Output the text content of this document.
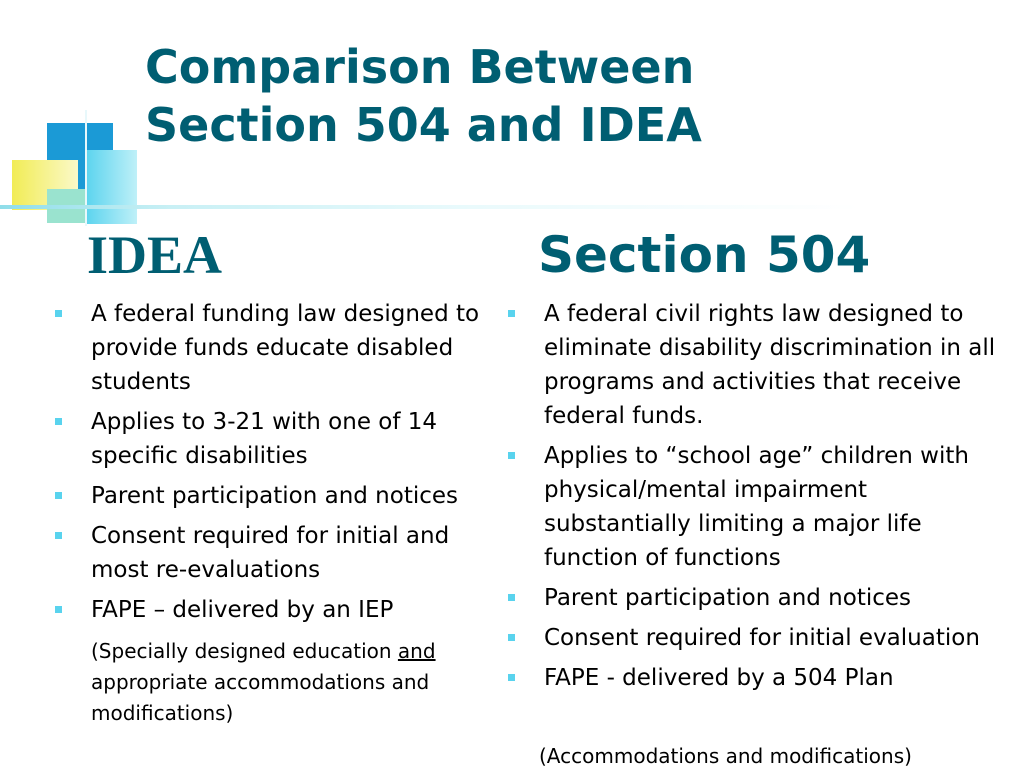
Comparison Between
Section 504 and IDEA
IDEA	Section 504
A federal funding law designed to provide funds educate disabled students
Applies to 3-21 with one of 14 specific disabilities
Parent participation and notices
Consent required for initial and most re-evaluations
FAPE – delivered by an IEP
(Specially designed education and appropriate accommodations and modifications)
A federal civil rights law designed to eliminate disability discrimination in all programs and activities that receive federal funds.
Applies to “school age” children with physical/mental impairment substantially limiting a major life function of functions
Parent participation and notices
Consent required for initial evaluation
FAPE - delivered by a 504 Plan
(Accommodations and modifications)
